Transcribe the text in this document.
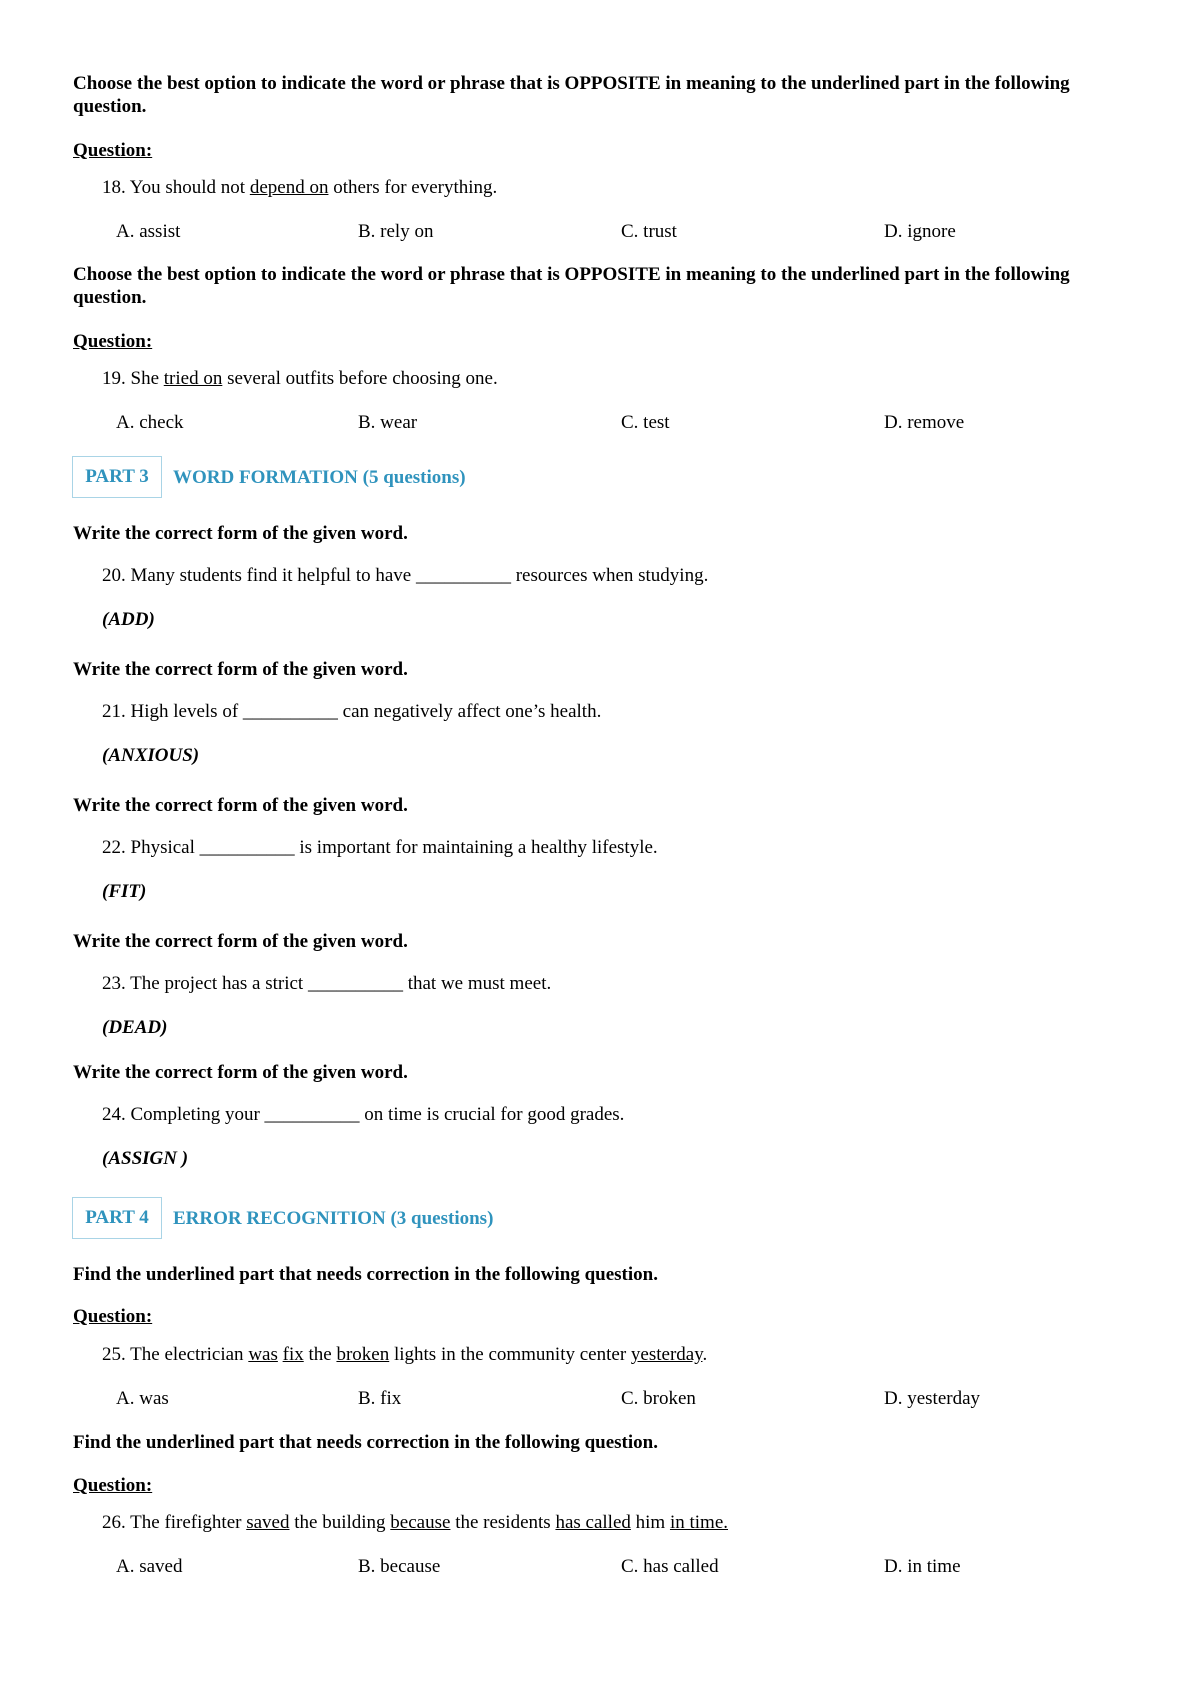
Choose the best option to indicate the word or phrase that is OPPOSITE in meaning to the underlined part in the following question.
Question:
18. You should not depend on others for everything.
A. assist	B. rely on	C. trust	D. ignore
Choose the best option to indicate the word or phrase that is OPPOSITE in meaning to the underlined part in the following question.
Question:
19. She tried on several outfits before choosing one.
A. check	B. wear	C. test	D. remove
PART 3	WORD FORMATION (5 questions)
Write the correct form of the given word.
20. Many students find it helpful to have __________ resources when studying.
(ADD)
Write the correct form of the given word.
21. High levels of __________ can negatively affect one’s health.
(ANXIOUS)
Write the correct form of the given word.
22. Physical __________ is important for maintaining a healthy lifestyle.
(FIT)
Write the correct form of the given word.
23. The project has a strict __________ that we must meet.
(DEAD)
Write the correct form of the given word.
24. Completing your __________ on time is crucial for good grades.
(ASSIGN )
PART 4	ERROR RECOGNITION (3 questions)
Find the underlined part that needs correction in the following question.
Question:
25. The electrician was fix the broken lights in the community center yesterday.
A. was	B. fix	C. broken	D. yesterday
Find the underlined part that needs correction in the following question.
Question:
26. The firefighter saved the building because the residents has called him in time.
A. saved	B. because	C. has called	D. in time
